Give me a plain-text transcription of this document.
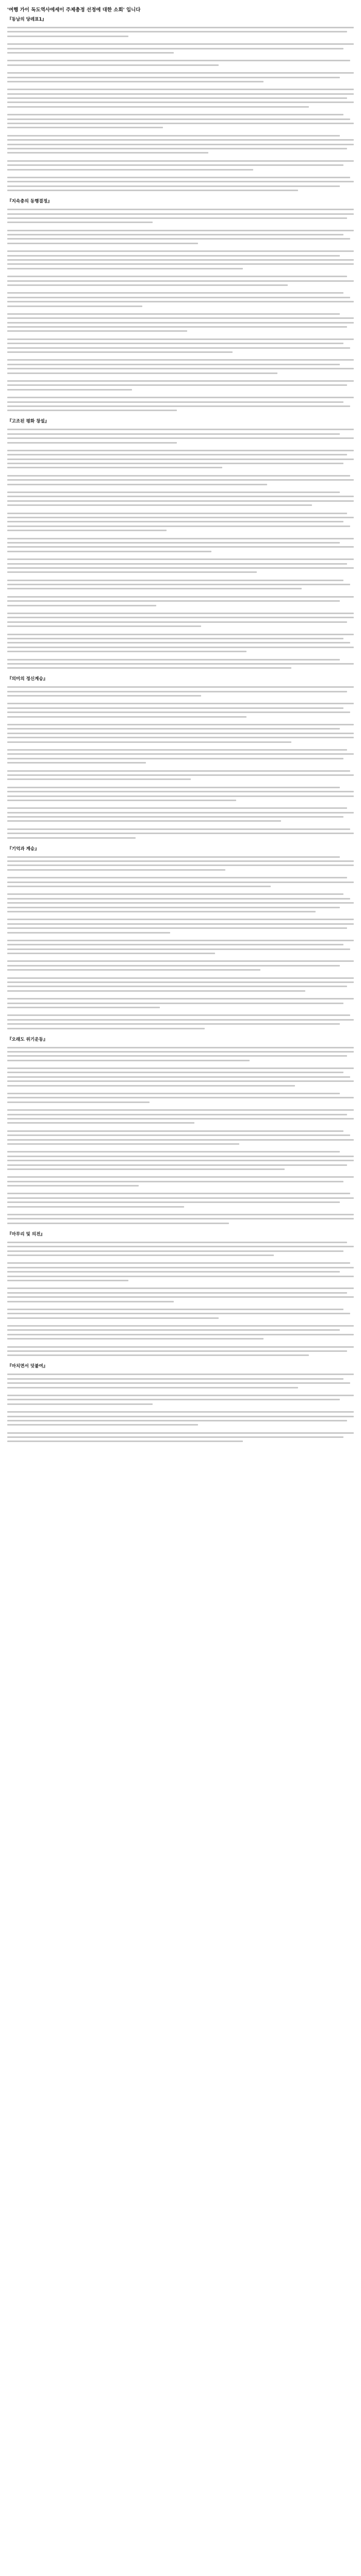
'여행 가이 독도역사에세이 주제총정 선정에 대한 소회' 입니다
『동남의 당레표1』
『지속충의 동행결정』
『고조된 평화 창설』
『의미의 정신계승』
『기억과 계승』
『오래도 위기운동』
『마무리 및 의전』
『마치면서 덧붙여』
